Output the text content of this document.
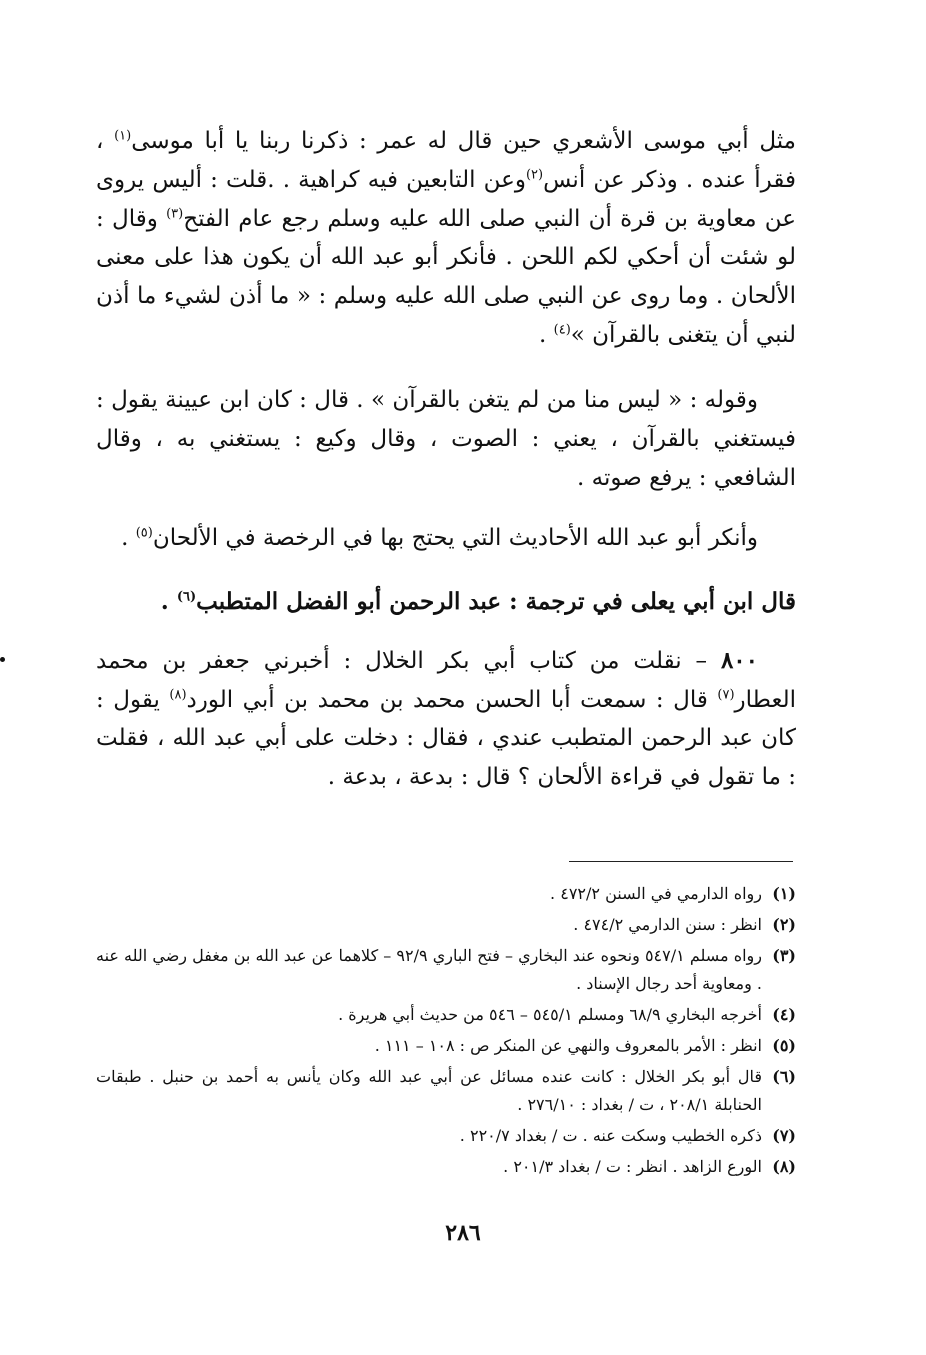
مثل أبي موسى الأشعري حين قال له عمر : ذكرنا ربنا يا أبا موسى$^{(١)}$ ، فقرأ عنده . وذكر عن أنس$^{(٢)}$وعن التابعين فيه كراهية . .قلت : أليس يروى عن معاوية بن قرة أن النبي صلى الله عليه وسلم رجع عام الفتح$^{(٣)}$ وقال : لو شئت أن أحكي لكم اللحن . فأنكر أبو عبد الله أن يكون هذا على معنى الألحان . وما روى عن النبي صلى الله عليه وسلم : « ما أذن لشيء ما أذن لنبي أن يتغنى بالقرآن »$^{(٤)}$ .
وقوله : « ليس منا من لم يتغن بالقرآن » . قال : كان ابن عيينة يقول : فيستغني بالقرآن ، يعني : الصوت ، وقال وكيع : يستغني به ، وقال الشافعي : يرفع صوته .
وأنكر أبو عبد الله الأحاديث التي يحتج بها في الرخصة في الألحان$^{(٥)}$ .
قال ابن أبي يعلى في ترجمة : عبد الرحمن أبو الفضل المتطبب$^{(٦)}$ .
٨٠٠ – نقلت من كتاب أبي بكر الخلال : أخبرني جعفر بن محمد العطار$^{(٧)}$ قال : سمعت أبا الحسن محمد بن محمد بن أبي الورد$^{(٨)}$ يقول : كان عبد الرحمن المتطبب عندي ، فقال : دخلت على أبي عبد الله ، فقلت : ما تقول في قراءة الألحان ؟ قال : بدعة ، بدعة .
(١)
رواه الدارمي في السنن ٤٧٢/٢ .
(٢)
انظر : سنن الدارمي ٤٧٤/٢ .
(٣)
رواه مسلم ٥٤٧/١ ونحوه عند البخاري – فتح الباري ٩٢/٩ – كلاهما عن عبد الله بن مغفل رضي الله عنه . ومعاوية أحد رجال الإسناد .
(٤)
أخرجه البخاري ٦٨/٩ ومسلم ٥٤٥/١ – ٥٤٦ من حديث أبي هريرة .
(٥)
انظر : الأمر بالمعروف والنهي عن المنكر ص : ١٠٨ – ١١١ .
(٦)
قال أبو بكر الخلال : كانت عنده مسائل عن أبي عبد الله وكان يأنس به أحمد بن حنبل . طبقات الحنابلة ٢٠٨/١ ، ت / بغداد : ٢٧٦/١٠ .
(٧)
ذكره الخطيب وسكت عنه . ت / بغداد ٢٢٠/٧ .
(٨)
الورع الزاهد . انظر : ت / بغداد ٢٠١/٣ .
٢٨٦
